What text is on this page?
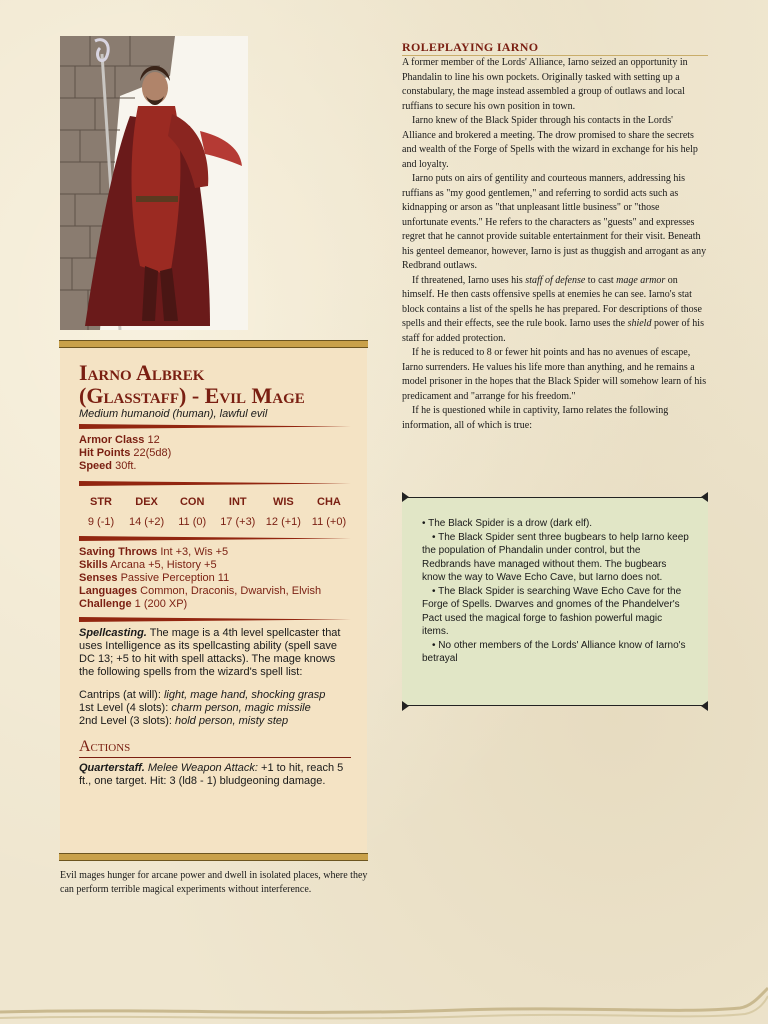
Iarno Albrek
(Glasstaff) - Evil Mage
Medium humanoid (human), lawful evil
Armor Class 12
Hit Points 22(5d8)
Speed 30ft.
STR
9 (-1)
DEX
14 (+2)
CON
11 (0)
INT
17 (+3)
WIS
12 (+1)
CHA
11 (+0)
Saving Throws Int +3, Wis +5
Skills Arcana +5, History +5
Senses Passive Perception 11
Languages Common, Draconis, Dwarvish, Elvish
Challenge 1 (200 XP)
Spellcasting. The mage is a 4th level spellcaster that uses Intelligence as its spellcasting ability (spell save DC 13; +5 to hit with spell attacks). The mage knows the following spells from the wizard's spell list:
Cantrips (at will): light, mage hand, shocking grasp
1st Level (4 slots): charm person, magic missile
2nd Level (3 slots): hold person, misty step
Actions
Quarterstaff. Melee Weapon Attack: +1 to hit, reach 5 ft., one target. Hit: 3 (ld8 - 1) bludgeoning damage.
Evil mages hunger for arcane power and dwell in isolated places, where they can perform terrible magical experiments without interference.
ROLEPLAYING IARNO

A former member of the Lords' Alliance, Iarno seized an opportunity in Phandalin to line his own pockets. Originally tasked with setting up a constabulary, the mage instead assembled a group of outlaws and local ruffians to secure his own position in town.

Iarno knew of the Black Spider through his contacts in the Lords' Alliance and brokered a meeting. The drow promised to share the secrets and wealth of the Forge of Spells with the wizard in exchange for his help and loyalty.

Iarno puts on airs of gentility and courteous manners, addressing his ruffians as "my good gentlemen," and referring to sordid acts such as kidnapping or arson as "that unpleasant little business" or "those unfortunate events." He refers to the characters as "guests" and expresses regret that he cannot provide suitable entertainment for their visit. Beneath his genteel demeanor, however, Iarno is just as thuggish and arrogant as any Redbrand outlaws.

If threatened, Iarno uses his staff of defense to cast mage armor on himself. He then casts offensive spells at enemies he can see. Iarno's stat block contains a list of the spells he has prepared. For descriptions of those spells and their effects, see the rule book. Iarno uses the shield power of his staff for added protection.

If he is reduced to 8 or fewer hit points and has no avenues of escape, Iarno surrenders. He values his life more than anything, and he remains a model prisoner in the hopes that the Black Spider will somehow learn of his predicament and "arrange for his freedom."

If he is questioned while in captivity, Iarno relates the following information, all of which is true:

• The Black Spider is a drow (dark elf).
• The Black Spider sent three bugbears to help Iarno keep the population of Phandalin under control, but the Redbrands have managed without them. The bugbears know the way to Wave Echo Cave, but Iarno does not.
• The Black Spider is searching Wave Echo Cave for the Forge of Spells. Dwarves and gnomes of the Phandelver's Pact used the magical forge to fashion powerful magic items.
• No other members of the Lords' Alliance know of Iarno's betrayal
